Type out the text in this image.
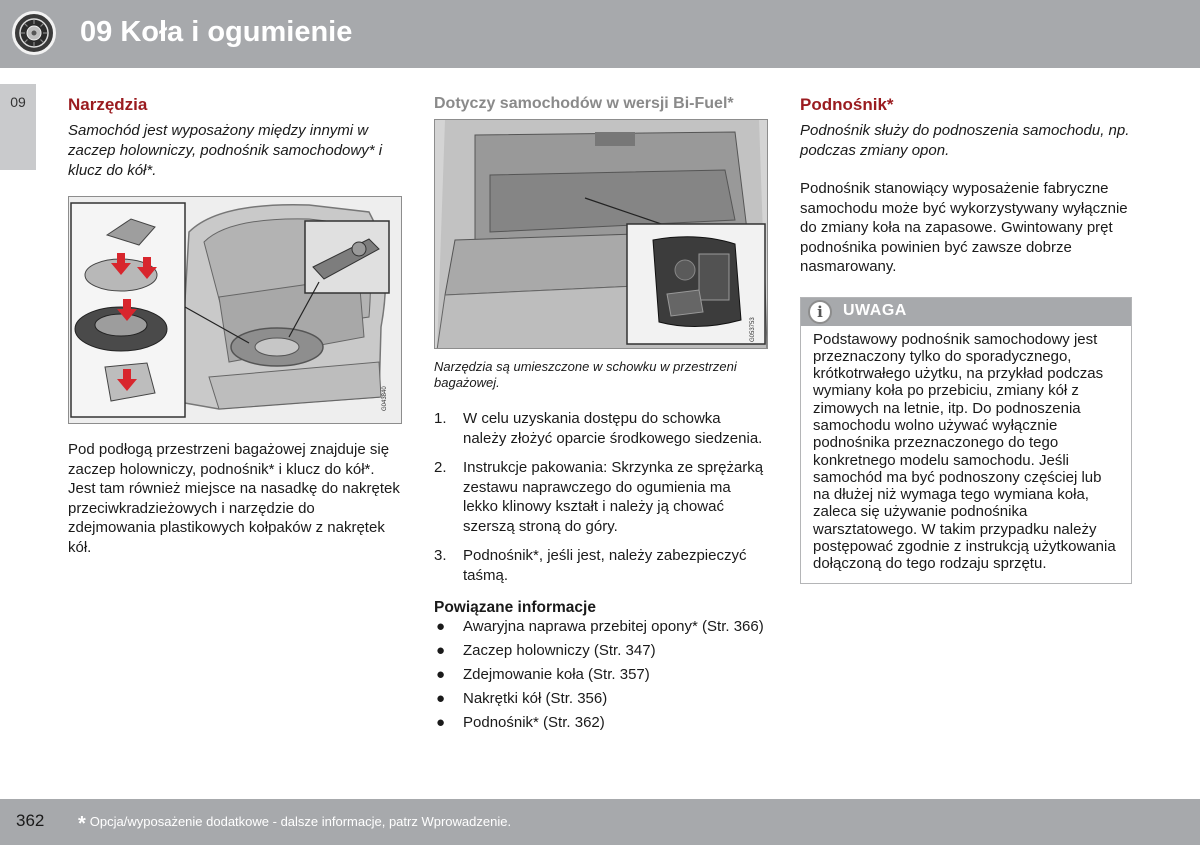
09 Koła i ogumienie
09	Narzędzia
Samochód jest wyposażony między innymi w zaczep holowniczy, podnośnik samochodowy* i klucz do kół*.
G043840
Pod podłogą przestrzeni bagażowej znajduje się zaczep holowniczy, podnośnik* i klucz do kół*. Jest tam również miejsce na nasadkę do nakrętek przeciwkradzieżowych i narzędzie do zdejmowania plastikowych kołpaków z nakrętek kół.
Dotyczy samochodów w wersji Bi-Fuel*
G053753
Narzędzia są umieszczone w schowku w przestrzeni bagażowej.
1. W celu uzyskania dostępu do schowka należy złożyć oparcie środkowego siedzenia.
2. Instrukcje pakowania: Skrzynka ze sprężarką zestawu naprawczego do ogumienia ma lekko klinowy kształt i należy ją chować szerszą stroną do góry.
3. Podnośnik*, jeśli jest, należy zabezpieczyć taśmą.
Powiązane informacje
● Awaryjna naprawa przebitej opony* (Str. 366)
● Zaczep holowniczy (Str. 347)
● Zdejmowanie koła (Str. 357)
● Nakrętki kół (Str. 356)
● Podnośnik* (Str. 362)
Podnośnik*
Podnośnik służy do podnoszenia samochodu, np. podczas zmiany opon.
Podnośnik stanowiący wyposażenie fabryczne samochodu może być wykorzystywany wyłącznie do zmiany koła na zapasowe. Gwintowany pręt podnośnika powinien być zawsze dobrze nasmarowany.
i	UWAGA
Podstawowy podnośnik samochodowy jest przeznaczony tylko do sporadycznego, krótkotrwałego użytku, na przykład podczas wymiany koła po przebiciu, zmiany kół z zimowych na letnie, itp. Do podnoszenia samochodu wolno używać wyłącznie podnośnika przeznaczonego do tego konkretnego modelu samochodu. Jeśli samochód ma być podnoszony częściej lub na dłużej niż wymaga tego wymiana koła, zaleca się używanie podnośnika warsztatowego. W takim przypadku należy postępować zgodnie z instrukcją użytkowania dołączoną do tego rodzaju sprzętu.
362 * Opcja/wyposażenie dodatkowe - dalsze informacje, patrz Wprowadzenie.
